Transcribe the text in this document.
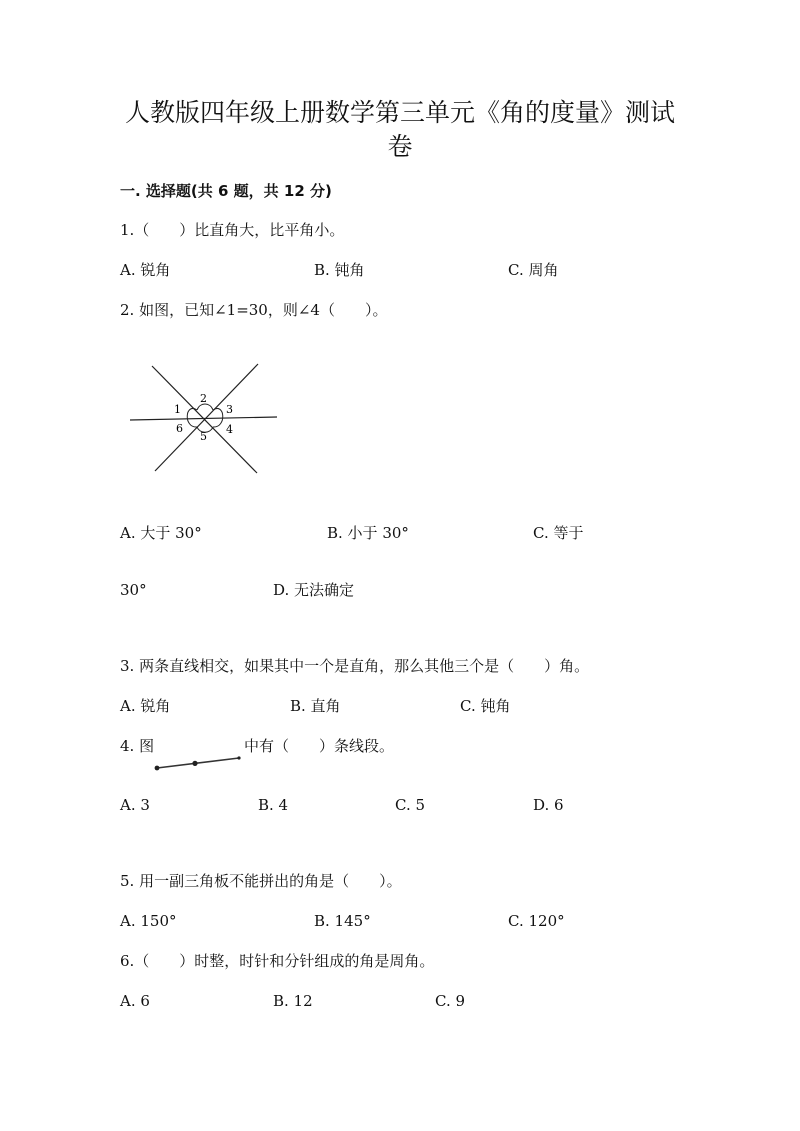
人教版四年级上册数学第三单元《角的度量》测试
卷
一. 选择题(共 6 题，共 12 分)
1.（　　）比直角大，比平角小。
A. 锐角	B. 钝角	C. 周角
2. 如图，已知∠1=30，则∠4（　　）。
1
2
3
4
5
6
A. 大于 30°	B. 小于 30°	C. 等于
30°	D. 无法确定
3. 两条直线相交，如果其中一个是直角，那么其他三个是（　　）角。
A. 锐角	B. 直角	C. 钝角
4. 图	中有（　　）条线段。
A. 3	B. 4	C. 5	D. 6
5. 用一副三角板不能拼出的角是（　　）。
A. 150°	B. 145°	C. 120°
6.（　　）时整，时针和分针组成的角是周角。
A. 6	B. 12	C. 9
